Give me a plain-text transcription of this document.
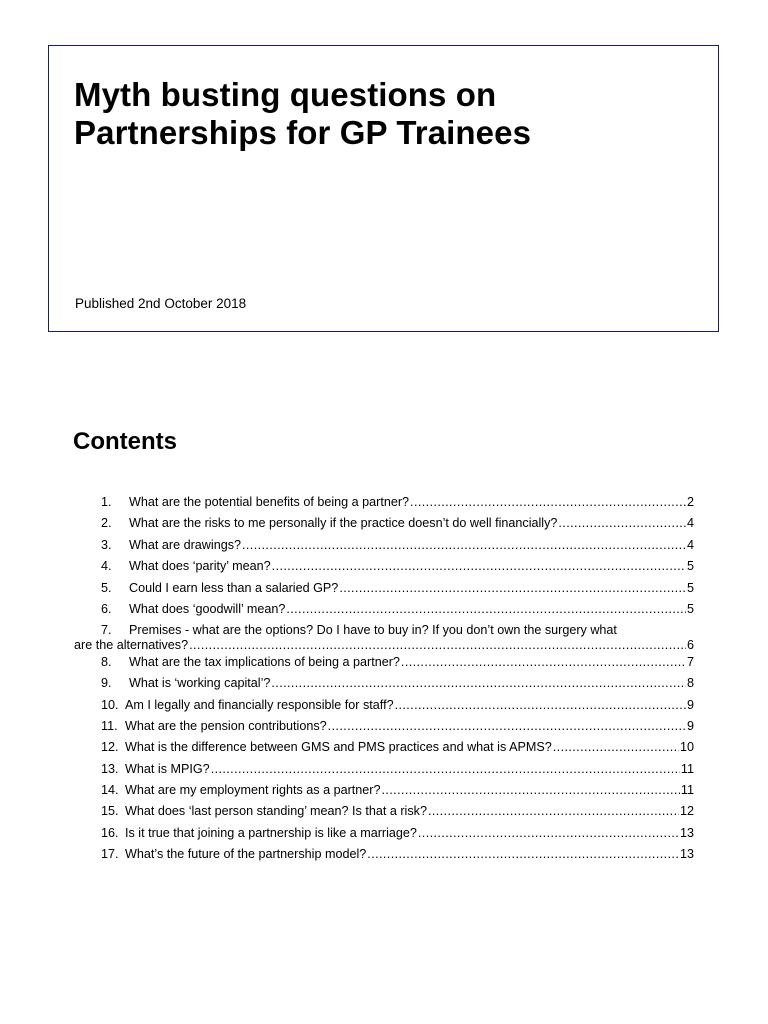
Myth busting questions on
Partnerships for GP Trainees
Published 2nd October 2018
Contents
1.	What are the potential benefits of being a partner? .....	2
2.	What are the risks to me personally if the practice doesn’t do well financially? .....	4
3.	What are drawings? .....	4
4.	What does ‘parity’ mean? .....	5
5.	Could I earn less than a salaried GP? .....	5
6.	What does ‘goodwill’ mean? .....	5
7.	Premises - what are the options? Do I have to buy in? If you don’t own the surgery what
are the alternatives? .....	6
8.	What are the tax implications of being a partner? .....	7
9.	What is ‘working capital’? .....	8
10. Am I legally and financially responsible for staff? .....	9
11. What are the pension contributions? .....	9
12. What is the difference between GMS and PMS practices and what is APMS? .....	10
13. What is MPIG? .....	11
14. What are my employment rights as a partner? .....	11
15. What does ‘last person standing’ mean? Is that a risk? .....	12
16. Is it true that joining a partnership is like a marriage? .....	13
17. What’s the future of the partnership model? .....	13
